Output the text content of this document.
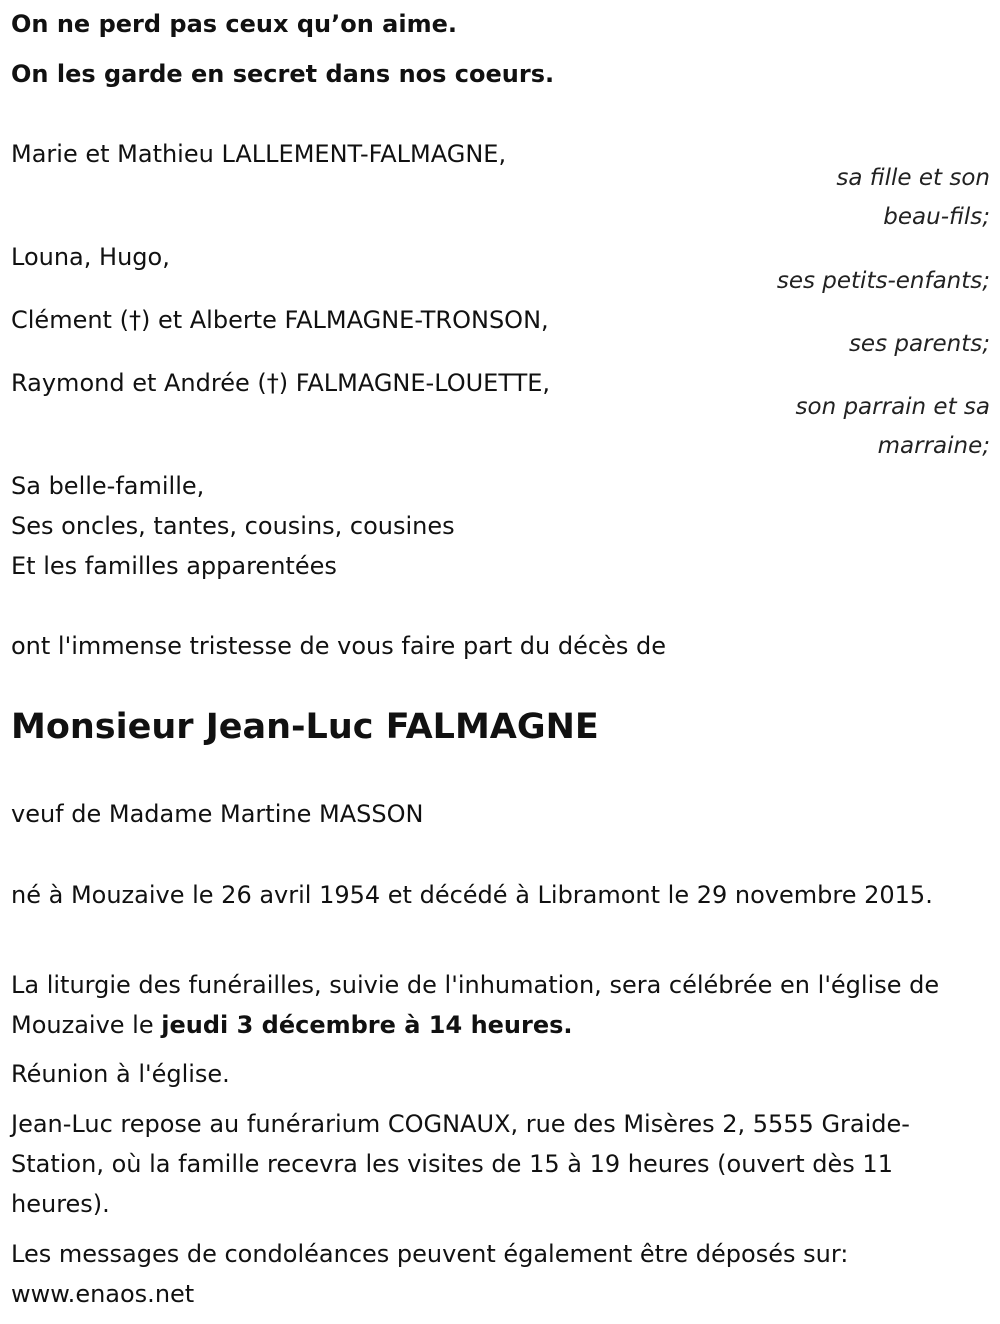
On ne perd pas ceux qu’on aime.
On les garde en secret dans nos coeurs.
Marie et Mathieu LALLEMENT-FALMAGNE,
sa fille et son
beau-fils;
Louna, Hugo,
ses petits-enfants;
Clément (†) et Alberte FALMAGNE-TRONSON,
ses parents;
Raymond et Andrée (†) FALMAGNE-LOUETTE,
son parrain et sa
marraine;
Sa belle-famille,
Ses oncles, tantes, cousins, cousines
Et les familles apparentées
ont l'immense tristesse de vous faire part du décès de
Monsieur Jean-Luc FALMAGNE
veuf de Madame Martine MASSON
né à Mouzaive le 26 avril 1954 et décédé à Libramont le 29 novembre 2015.
La liturgie des funérailles, suivie de l'inhumation, sera célébrée en l'église de Mouzaive le jeudi 3 décembre à 14 heures.
Réunion à l'église.
Jean-Luc repose au funérarium COGNAUX, rue des Misères 2, 5555 Graide-Station, où la famille recevra les visites de 15 à 19 heures (ouvert dès 11 heures).
Les messages de condoléances peuvent également être déposés sur: www.enaos.net
